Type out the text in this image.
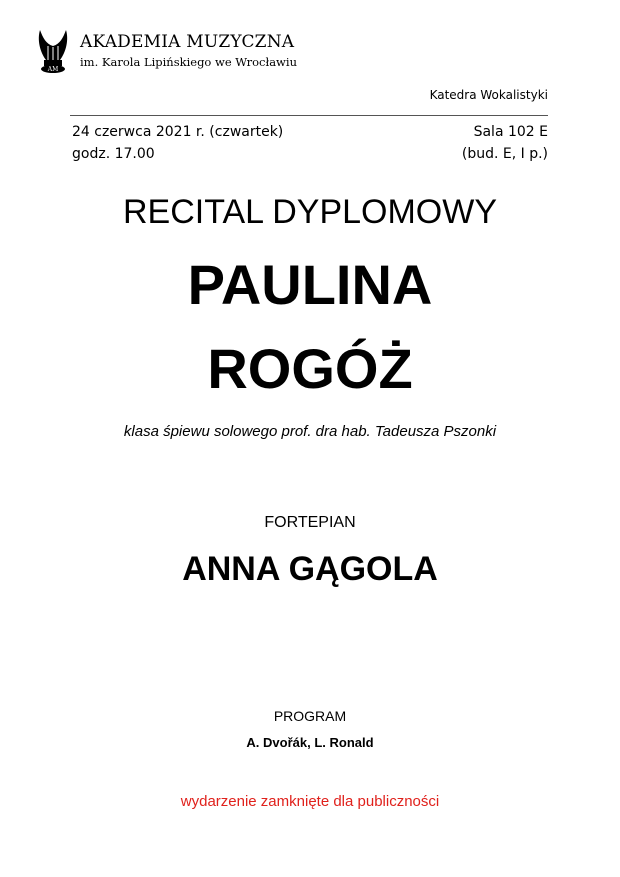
AM
AKADEMIA MUZYCZNA
im. Karola Lipińskiego we Wrocławiu
Katedra Wokalistyki
24 czerwca 2021 r. (czwartek)
godz. 17.00
Sala 102 E
(bud. E, I p.)
RECITAL DYPLOMOWY
PAULINA
ROGÓŻ
klasa śpiewu solowego prof. dra hab. Tadeusza Pszonki
FORTEPIAN
ANNA GĄGOLA
PROGRAM
A. Dvořák, L. Ronald
wydarzenie zamknięte dla publiczności
